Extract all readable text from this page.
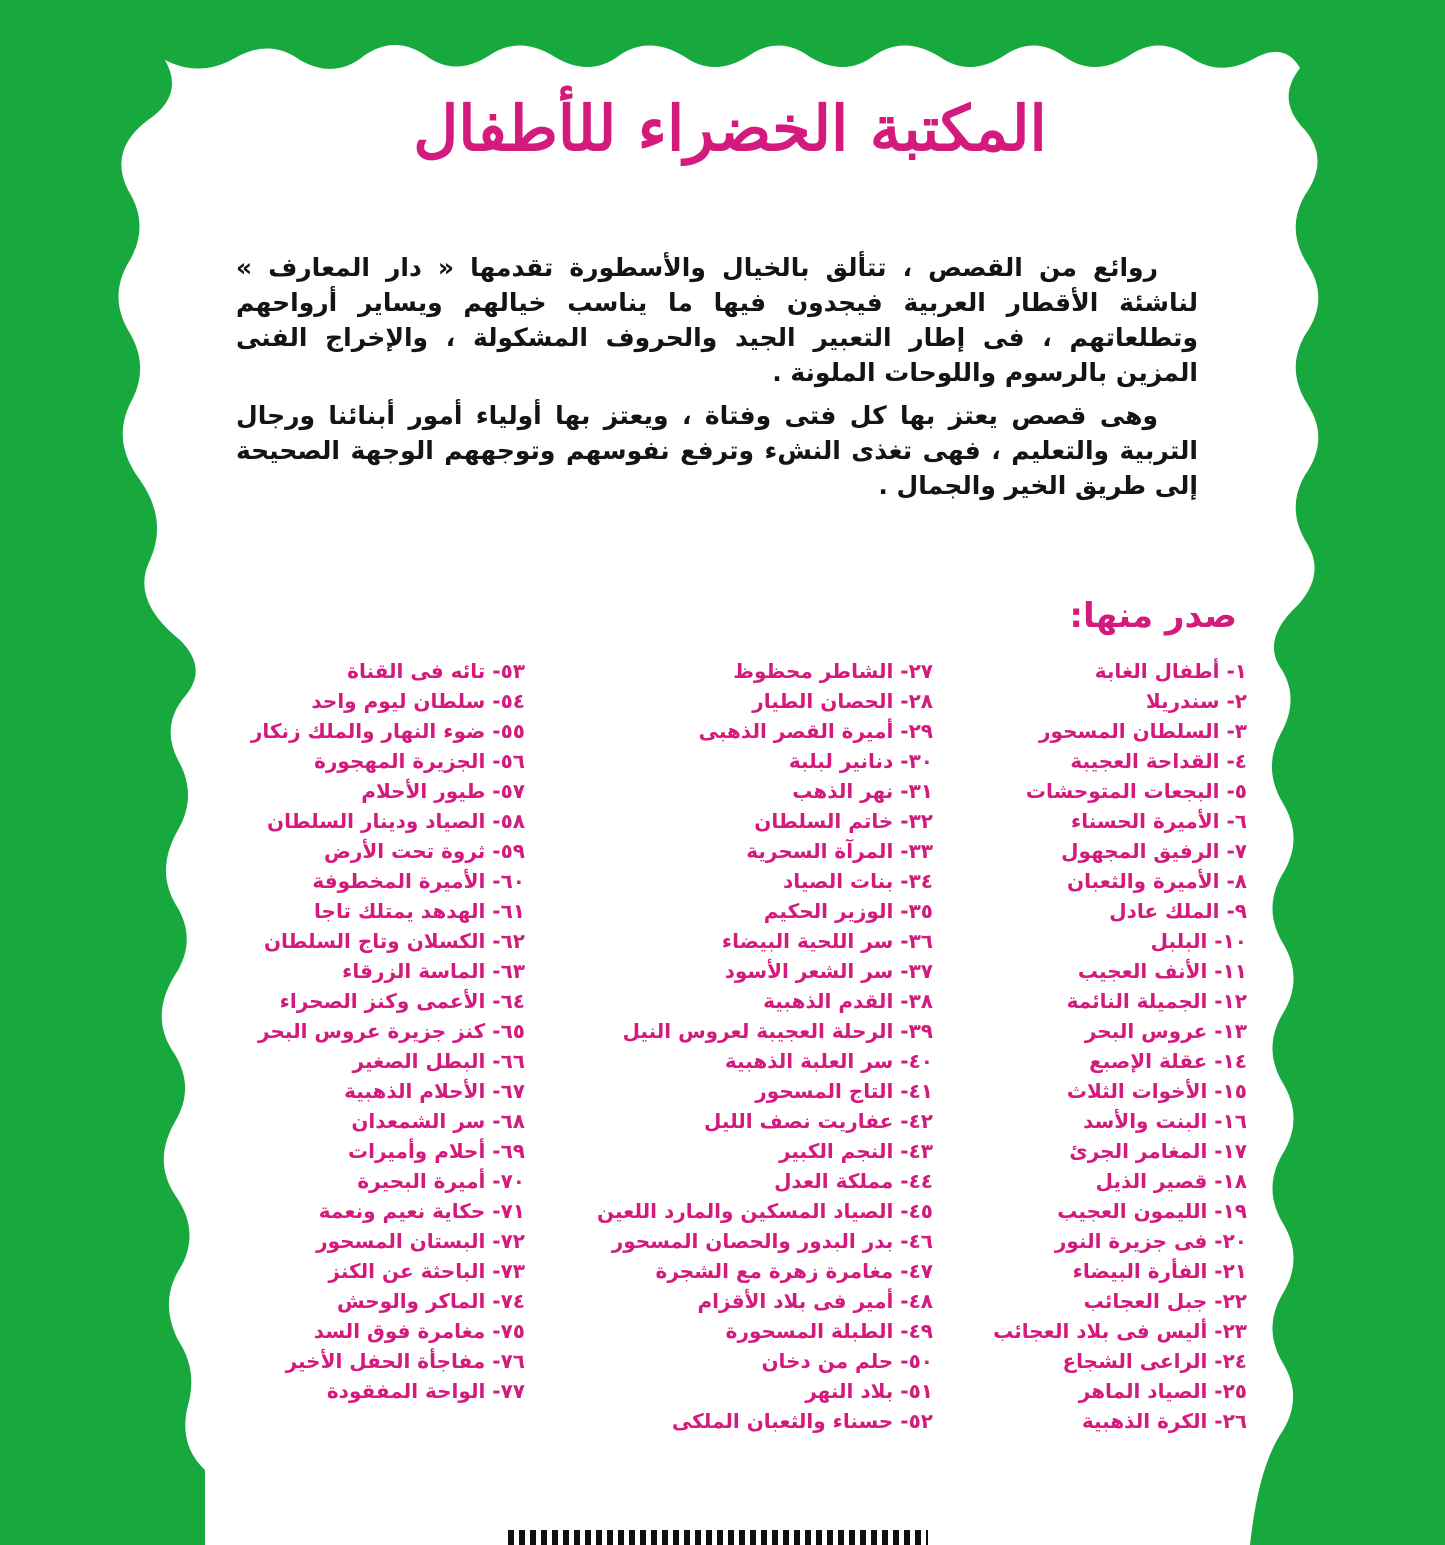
المكتبة الخضراء للأطفال

روائع من القصص ، تتألق بالخيال والأسطورة تقدمها « دار المعارف » لناشئة الأقطار العربية فيجدون فيها ما يناسب خيالهم ويساير أرواحهم وتطلعاتهم ، فى إطار التعبير الجيد والحروف المشكولة ، والإخراج الفنى المزين بالرسوم واللوحات الملونة .

وهى قصص يعتز بها كل فتى وفتاة ، ويعتز بها أولياء أمور أبنائنا ورجال التربية والتعليم ، فهى تغذى النشء وترفع نفوسهم وتوجههم الوجهة الصحيحة إلى طريق الخير والجمال .

صدر منها:
١- أطفال الغابة
٢- سندريلا
٣- السلطان المسحور
٤- القداحة العجيبة
٥- البجعات المتوحشات
٦- الأميرة الحسناء
٧- الرفيق المجهول
٨- الأميرة والثعبان
٩- الملك عادل
١٠- البلبل
١١- الأنف العجيب
١٢- الجميلة النائمة
١٣- عروس البحر
١٤- عقلة الإصبع
١٥- الأخوات الثلاث
١٦- البنت والأسد
١٧- المغامر الجرئ
١٨- قصير الذيل
١٩- الليمون العجيب
٢٠- فى جزيرة النور
٢١- الفأرة البيضاء
٢٢- جبل العجائب
٢٣- أليس فى بلاد العجائب
٢٤- الراعى الشجاع
٢٥- الصياد الماهر
٢٦- الكرة الذهبية
٢٧- الشاطر محظوظ
٢٨- الحصان الطيار
٢٩- أميرة القصر الذهبى
٣٠- دنانير لبلبة
٣١- نهر الذهب
٣٢- خاتم السلطان
٣٣- المرآة السحرية
٣٤- بنات الصياد
٣٥- الوزير الحكيم
٣٦- سر اللحية البيضاء
٣٧- سر الشعر الأسود
٣٨- القدم الذهبية
٣٩- الرحلة العجيبة لعروس النيل
٤٠- سر العلبة الذهبية
٤١- التاج المسحور
٤٢- عفاريت نصف الليل
٤٣- النجم الكبير
٤٤- مملكة العدل
٤٥- الصياد المسكين والمارد اللعين
٤٦- بدر البدور والحصان المسحور
٤٧- مغامرة زهرة مع الشجرة
٤٨- أمير فى بلاد الأقزام
٤٩- الطبلة المسحورة
٥٠- حلم من دخان
٥١- بلاد النهر
٥٢- حسناء والثعبان الملكى
٥٣- تائه فى القناة
٥٤- سلطان ليوم واحد
٥٥- ضوء النهار والملك زنكار
٥٦- الجزيرة المهجورة
٥٧- طيور الأحلام
٥٨- الصياد ودينار السلطان
٥٩- ثروة تحت الأرض
٦٠- الأميرة المخطوفة
٦١- الهدهد يمتلك تاجا
٦٢- الكسلان وتاج السلطان
٦٣- الماسة الزرقاء
٦٤- الأعمى وكنز الصحراء
٦٥- كنز جزيرة عروس البحر
٦٦- البطل الصغير
٦٧- الأحلام الذهبية
٦٨- سر الشمعدان
٦٩- أحلام وأميرات
٧٠- أميرة البحيرة
٧١- حكاية نعيم ونعمة
٧٢- البستان المسحور
٧٣- الباحثة عن الكنز
٧٤- الماكر والوحش
٧٥- مغامرة فوق السد
٧٦- مفاجأة الحفل الأخير
٧٧- الواحة المفقودة
